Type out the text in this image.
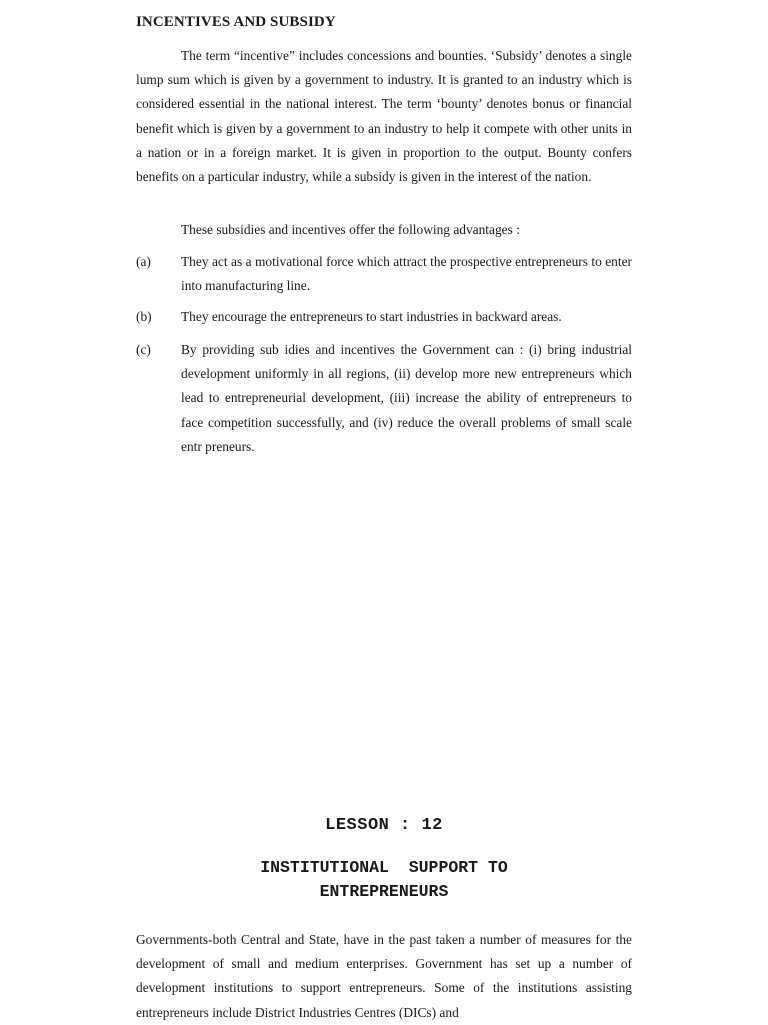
INCENTIVES AND SUBSIDY

The term “incentive” includes concessions and bounties. ‘Subsidy’ denotes a single lump sum which is given by a government to industry. It is granted to an industry which is considered essential in the national interest. The term ‘bounty’ denotes bonus or financial benefit which is given by a government to an industry to help it compete with other units in a nation or in a foreign market. It is given in proportion to the output. Bounty confers benefits on a particular industry, while a subsidy is given in the interest of the nation.

These subsidies and incentives offer the following advantages :

(a)	They act as a motivational force which attract the prospective entrepreneurs to enter into manufacturing line.
(b)	They encourage the entrepreneurs to start industries in backward areas.
(c)	By providing sub idies and incentives the Government can : (i) bring industrial development uniformly in all regions, (ii) develop more new entrepreneurs which lead to entrepreneurial development, (iii) increase the ability of entrepreneurs to face competition successfully, and (iv) reduce the overall problems of small scale entr preneurs.
LESSON : 12
INSTITUTIONAL  SUPPORT TO
ENTREPRENEURS

Governments-both Central and State, have in the past taken a number of measures for the development of small and medium enterprises. Government has set up a number of development institutions to support entrepreneurs. Some of the institutions assisting entrepreneurs include District Industries Centres (DICs) and
